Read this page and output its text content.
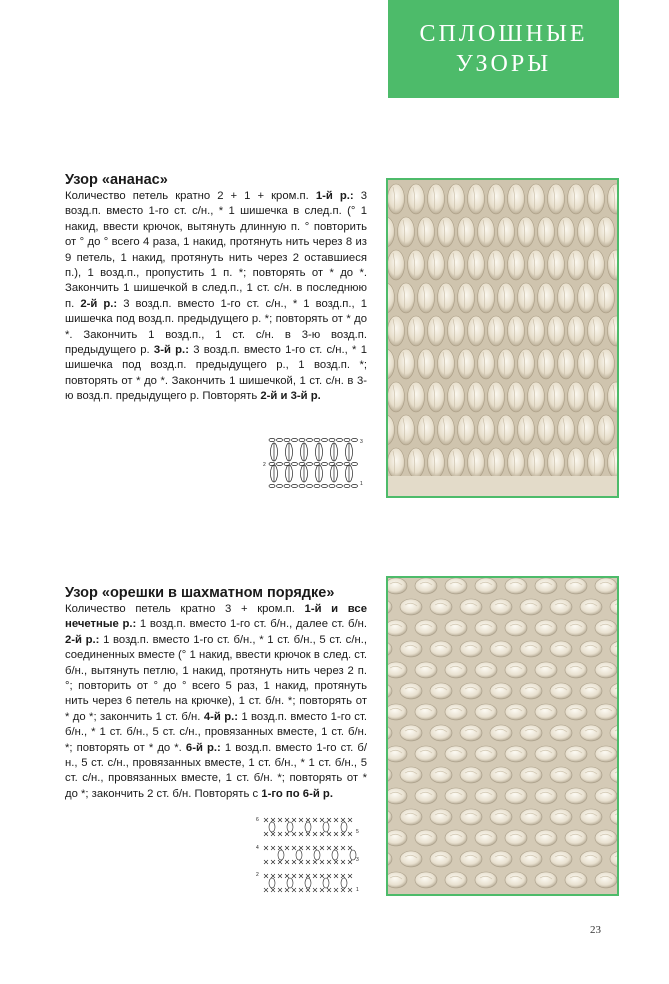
СПЛОШНЫЕ
УЗОРЫ
Узор «ананас»
Количество петель кратно 2 + 1 + кром.п. 1-й р.: 3 возд.п. вместо 1-го ст. с/н., * 1 шишечка в след.п. (° 1 накид, ввести крючок, вытянуть длинную п. ° повторить от ° до ° всего 4 раза, 1 накид, протянуть нить через 8 из 9 петель, 1 накид, протянуть нить через 2 оставшиеся п.), 1 возд.п., пропустить 1 п. *; повторять от * до *. Закончить 1 шишечкой в след.п., 1 ст. с/н. в последнюю п. 2-й р.: 3 возд.п. вместо 1-го ст. с/н., * 1 возд.п., 1 шишечка под возд.п. предыдущего р. *; повторять от * до *. Закончить 1 возд.п., 1 ст. с/н. в 3-ю возд.п. предыдущего р. 3-й р.: 3 возд.п. вместо 1-го ст. с/н., * 1 шишечка под возд.п. предыдущего р., 1 возд.п. *; повторять от * до *. Закончить 1 шишечкой, 1 ст. с/н. в 3-ю возд.п. предыдущего р. Повторять 2-й и 3-й р.
3
2
1
Узор «орешки в шахматном порядке»
Количество петель кратно 3 + кром.п. 1-й и все нечетные р.: 1 возд.п. вместо 1-го ст. б/н., далее ст. б/н. 2-й р.: 1 возд.п. вместо 1-го ст. б/н., * 1 ст. б/н., 5 ст. с/н., соединенных вместе (° 1 накид, ввести крючок в след. ст. б/н., вытянуть петлю, 1 накид, протянуть нить через 2 п. °; повторить от ° до ° всего 5 раз, 1 накид, протянуть нить через 6 петель на крючке), 1 ст. б/н. *; повторять от * до *; закончить 1 ст. б/н. 4-й р.: 1 возд.п. вместо 1-го ст. б/н., * 1 ст. б/н., 5 ст. с/н., провязанных вместе, 1 ст. б/н. *; повторять от * до *. 6-й р.: 1 возд.п. вместо 1-го ст. б/н., 5 ст. с/н., провязанных вместе, 1 ст. б/н., * 1 ст. б/н., 5 ст. с/н., провязанных вместе, 1 ст. б/н. *; повторять от * до *; закончить 2 ст. б/н. Повторять с 1-го по 6-й р.
6
5
4
3
2
1
23
